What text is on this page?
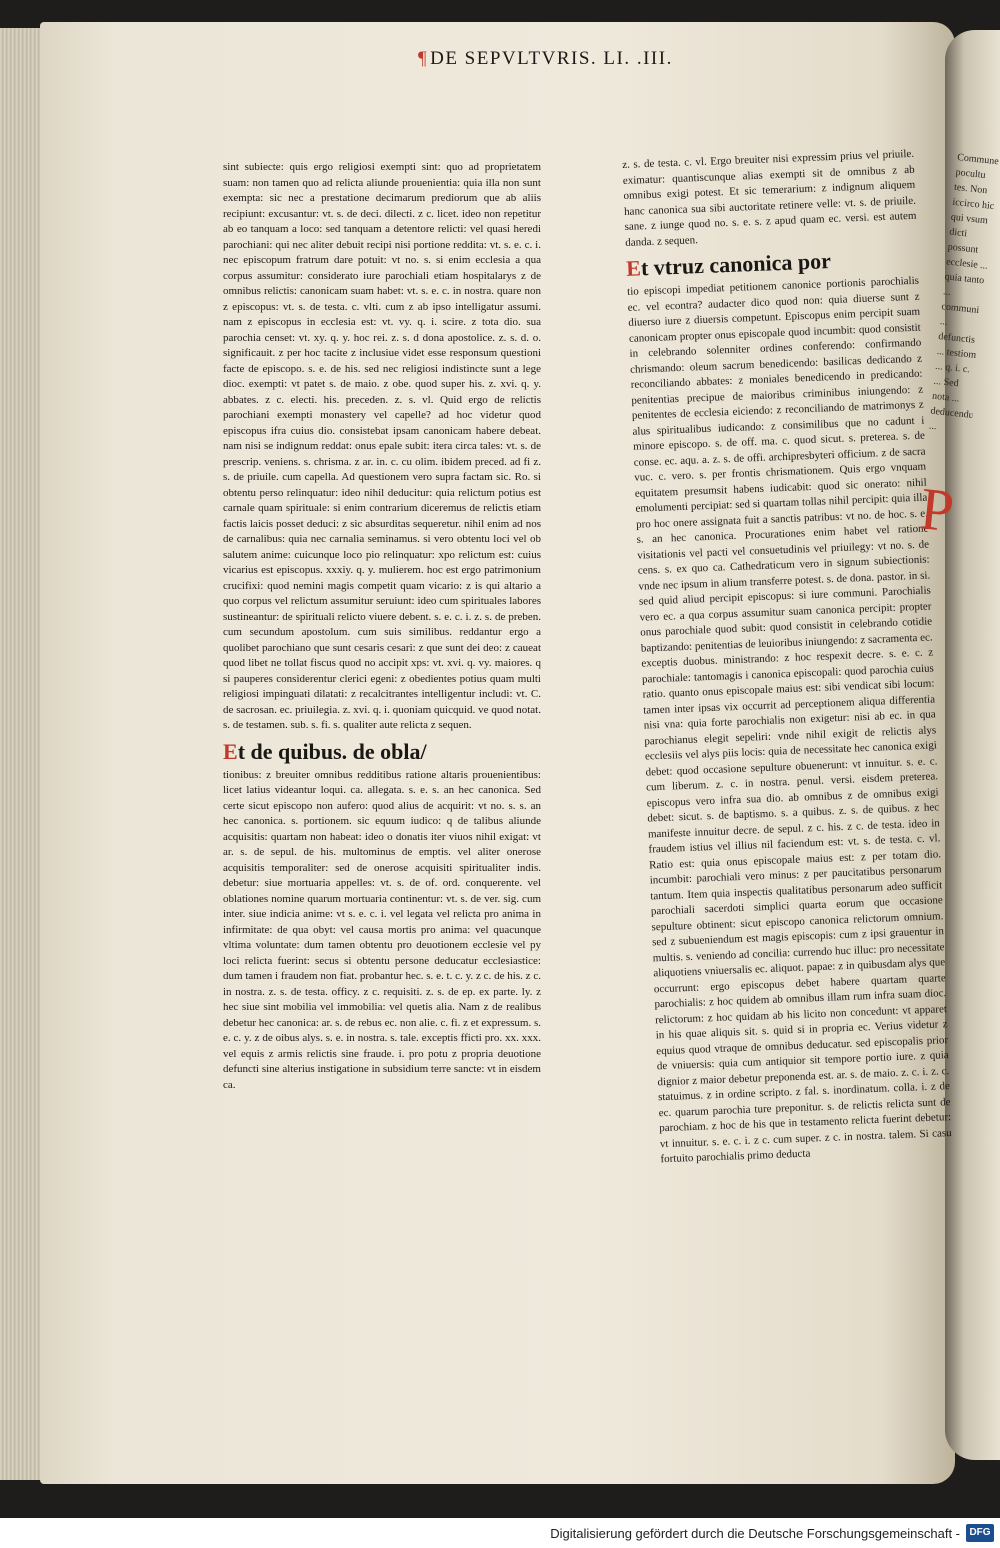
¶ DE SEPVLTVRIS. LI. .III.

sint subiecte: quis ergo religiosi exempti sint: quo ad proprietatem suam: non tamen quo ad relicta aliunde prouenientia: quia illa non sunt exempta: sic nec a prestatione decimarum prediorum que ab aliis recipiunt: excusantur: vt. s. de deci. dilecti. z c. licet. ideo non repetitur ab eo tanquam a loco: sed tanquam a detentore relicti: vel quasi heredi parochiani: qui nec aliter debuit recipi nisi portione reddita: vt. s. e. c. i. nec episcopum fratrum dare potuit: vt no. s. si enim ecclesia a qua corpus assumitur: considerato iure parochiali etiam hospitalarys z de omnibus relictis: canonicam suam habet: vt. s. e. c. in nostra. quare non z episcopus: vt. s. de testa. c. vlti. cum z ab ipso intelligatur assumi. nam z episcopus in ecclesia est: vt. vy. q. i. scire. z tota dio. sua parochia censet: vt. xy. q. y. hoc rei. z. s. d dona apostolice. z. s. d. o. significauit. z per hoc tacite z inclusiue videt esse responsum questioni facte de episcopo. s. e. de his. sed nec religiosi indistincte sunt a lege dioc. exempti: vt patet s. de maio. z obe. quod super his. z. xvi. q. y. abbates. z c. electi. his. preceden. z. s. vl. Quid ergo de relictis parochiani exempti monastery vel capelle? ad hoc videtur quod episcopus ifra cuius dio. consistebat ipsam canonicam habere debeat. nam nisi se indignum reddat: onus epale subit: itera circa tales: vt. s. de prescrip. veniens. s. chrisma. z ar. in. c. cu olim. ibidem preced. ad fi z. s. de priuile. cum capella. Ad questionem vero supra factam sic. Ro. si obtentu perso relinquatur: ideo nihil deducitur: quia relictum potius est carnale quam spirituale: si enim contrarium diceremus de relictis etiam factis laicis posset deduci: z sic absurditas sequeretur. nihil enim ad nos de carnalibus: quia nec carnalia seminamus. si vero obtentu loci vel ob salutem anime: cuicunque loco pio relinquatur: xpo relictum est: cuius vicarius est episcopus. xxxiy. q. y. mulierem. hoc est ergo patrimonium crucifixi: quod nemini magis competit quam vicario: z is qui altario a quo corpus vel relictum assumitur seruiunt: ideo cum spirituales labores sustineantur: de spirituali relicto viuere debent. s. e. c. i. z. s. de preben. cum secundum apostolum. cum suis similibus. reddantur ergo a quolibet parochiano que sunt cesaris cesari: z que sunt dei deo: z caueat quod libet ne tollat fiscus quod no accipit xps: vt. xvi. q. vy. maiores. q si pauperes considerentur clerici egeni: z obedientes potius quam multi religiosi impinguati dilatati: z recalcitrantes intelligentur includi: vt. C. de sacrosan. ec. priuilegia. z. xvi. q. i. quoniam quicquid. ve quod notat. s. de testamen. sub. s. fi. s. qualiter aute relicta z sequen.

Et de quibus. de obla/

tionibus: z breuiter omnibus redditibus ratione altaris prouenientibus: licet latius videantur loqui. ca. allegata. s. e. s. an hec canonica. Sed certe sicut episcopo non aufero: quod alius de acquirit: vt no. s. s. an hec canonica. s. portionem. sic equum iudico: q de talibus aliunde acquisitis: quartam non habeat: ideo o donatis iter viuos nihil exigat: vt ar. s. de sepul. de his. multominus de emptis. vel aliter onerose acquisitis temporaliter: sed de onerose acquisiti spiritualiter indis. debetur: siue mortuaria appelles: vt. s. de of. ord. conquerente. vel oblationes nomine quarum mortuaria continentur: vt. s. de ver. sig. cum inter. siue indicia anime: vt s. e. c. i. vel legata vel relicta pro anima in infirmitate: de qua obyt: vel causa mortis pro anima: vel quacunque vltima voluntate: dum tamen obtentu pro deuotionem ecclesie vel py loci relicta fuerint: secus si obtentu persone deducatur ecclesiastice: dum tamen i fraudem non fiat. probantur hec. s. e. t. c. y. z c. de his. z c. in nostra. z. s. de testa. officy. z c. requisiti. z. s. de ep. ex parte. ly. z hec siue sint mobilia vel immobilia: vel quetis alia. Nam z de realibus debetur hec canonica: ar. s. de rebus ec. non alie. c. fi. z et expressum. s. e. c. y. z de oibus alys. s. e. in nostra. s. tale. exceptis fficti pro. xx. xxx. vel equis z armis relictis sine fraude. i. pro potu z propria deuotione defuncti sine alterius instigatione in subsidium terre sancte: vt in eisdem ca.

z. s. de testa. c. vl. Ergo breuiter nisi expressim prius vel priuile. eximatur: quantiscunque alias exempti sit de omnibus z ab omnibus exigi potest. Et sic temerarium: z indignum aliquem hanc canonica sua sibi auctoritate retinere velle: vt. s. de priuile. sane. z iunge quod no. s. e. s. z apud quam ec. versi. est autem danda. z sequen.

Et vtruz canonica por

tio episcopi impediat petitionem canonice portionis parochialis ec. vel econtra? audacter dico quod non: quia diuerse sunt z diuerso iure z diuersis competunt. Episcopus enim percipit suam canonicam propter onus episcopale quod incumbit: quod consistit in celebrando solenniter ordines conferendo: confirmando chrismando: oleum sacrum benedicendo: basilicas dedicando z reconciliando abbates: z moniales benedicendo in predicando: penitentias precipue de maioribus criminibus iniungendo: z penitentes de ecclesia eiciendo: z reconciliando de matrimonys z alus spiritualibus iudicando: z consimilibus que no cadunt i minore episcopo. s. de off. ma. c. quod sicut. s. preterea. s. de conse. ec. aqu. a. z. s. de offi. archipresbyteri officium. z de sacra vuc. c. vero. s. per frontis chrismationem. Quis ergo vnquam equitatem presumsit habens iudicabit: quod sic onerato: nihil emolumenti percipiat: sed si quartam tollas nihil percipit: quia illa pro hoc onere assignata fuit a sanctis patribus: vt no. de hoc. s. e. s. an hec canonica. Procurationes enim habet vel ratione visitationis vel pacti vel consuetudinis vel priuilegy: vt no. s. de cens. s. ex quo ca. Cathedraticum vero in signum subiectionis: vnde nec ipsum in alium transferre potest. s. de dona. pastor. in si. sed quid aliud percipit episcopus: si iure communi. Parochialis vero ec. a qua corpus assumitur suam canonica percipit: propter onus parochiale quod subit: quod consistit in celebrando cotidie baptizando: penitentias de leuioribus iniungendo: z sacramenta ec. exceptis duobus. ministrando: z hoc respexit decre. s. e. c. z parochiale: tantomagis i canonica episcopali: quod parochia cuius ratio. quanto onus episcopale maius est: sibi vendicat sibi locum: tamen inter ipsas vix occurrit ad perceptionem aliqua differentia nisi vna: quia forte parochialis non exigetur: nisi ab ec. in qua parochianus elegit sepeliri: vnde nihil exigit de relictis alys ecclesiis vel alys piis locis: quia de necessitate hec canonica exigi debet: quod occasione sepulture obuenerunt: vt innuitur. s. e. c. cum liberum. z. c. in nostra. penul. versi. eisdem preterea. episcopus vero infra sua dio. ab omnibus z de omnibus exigi debet: sicut. s. de baptismo. s. a quibus. z. s. de quibus. z hec manifeste innuitur decre. de sepul. z c. his. z c. de testa. ideo in fraudem istius vel illius nil faciendum est: vt. s. de testa. c. vl. Ratio est: quia onus episcopale maius est: z per totam dio. incumbit: parochiali vero minus: z per paucitatibus personarum tantum. Item quia inspectis qualitatibus personarum adeo sufficit parochiali sacerdoti simplici quarta eorum que occasione sepulture obtinent: sicut episcopo canonica relictorum omnium. sed z subueniendum est magis episcopis: cum z ipsi grauentur in multis. s. veniendo ad concilia: currendo huc illuc: pro necessitate aliquotiens vniuersalis ec. aliquot. papae: z in quibusdam alys que occurrunt: ergo episcopus debet habere quartam quarte parochialis: z hoc quidem ab omnibus illam rum infra suam dioc. relictorum: z hoc quidam ab his licito non concedunt: vt apparet in his quae aliquis sit. s. quid si in propria ec. Verius videtur z equius quod vtraque de omnibus deducatur. sed episcopalis prior de vniuersis: quia cum antiquior sit tempore portio iure. z quia dignior z maior debetur preponenda est. ar. s. de maio. z. c. i. z. c. statuimus. z in ordine scripto. z fal. s. inordinatum. colla. i. z de ec. quarum parochia ture preponitur. s. de relictis relicta sunt de parochiam. z hoc de his que in testamento relicta fuerint debetur: vt innuitur. s. e. c. i. z c. cum super. z c. in nostra. talem. Si casu fortuito parochialis primo deducta

Commune pocultu tes. Non iccirco hic qui vsum dicti possunt ecclesie ... quia tanto ... communi ... defunctis ... testiom ... q. i. c. ... Sed nota ... deducendu ...
P
Digitalisierung gefördert durch die Deutsche Forschungsgemeinschaft - DFG
